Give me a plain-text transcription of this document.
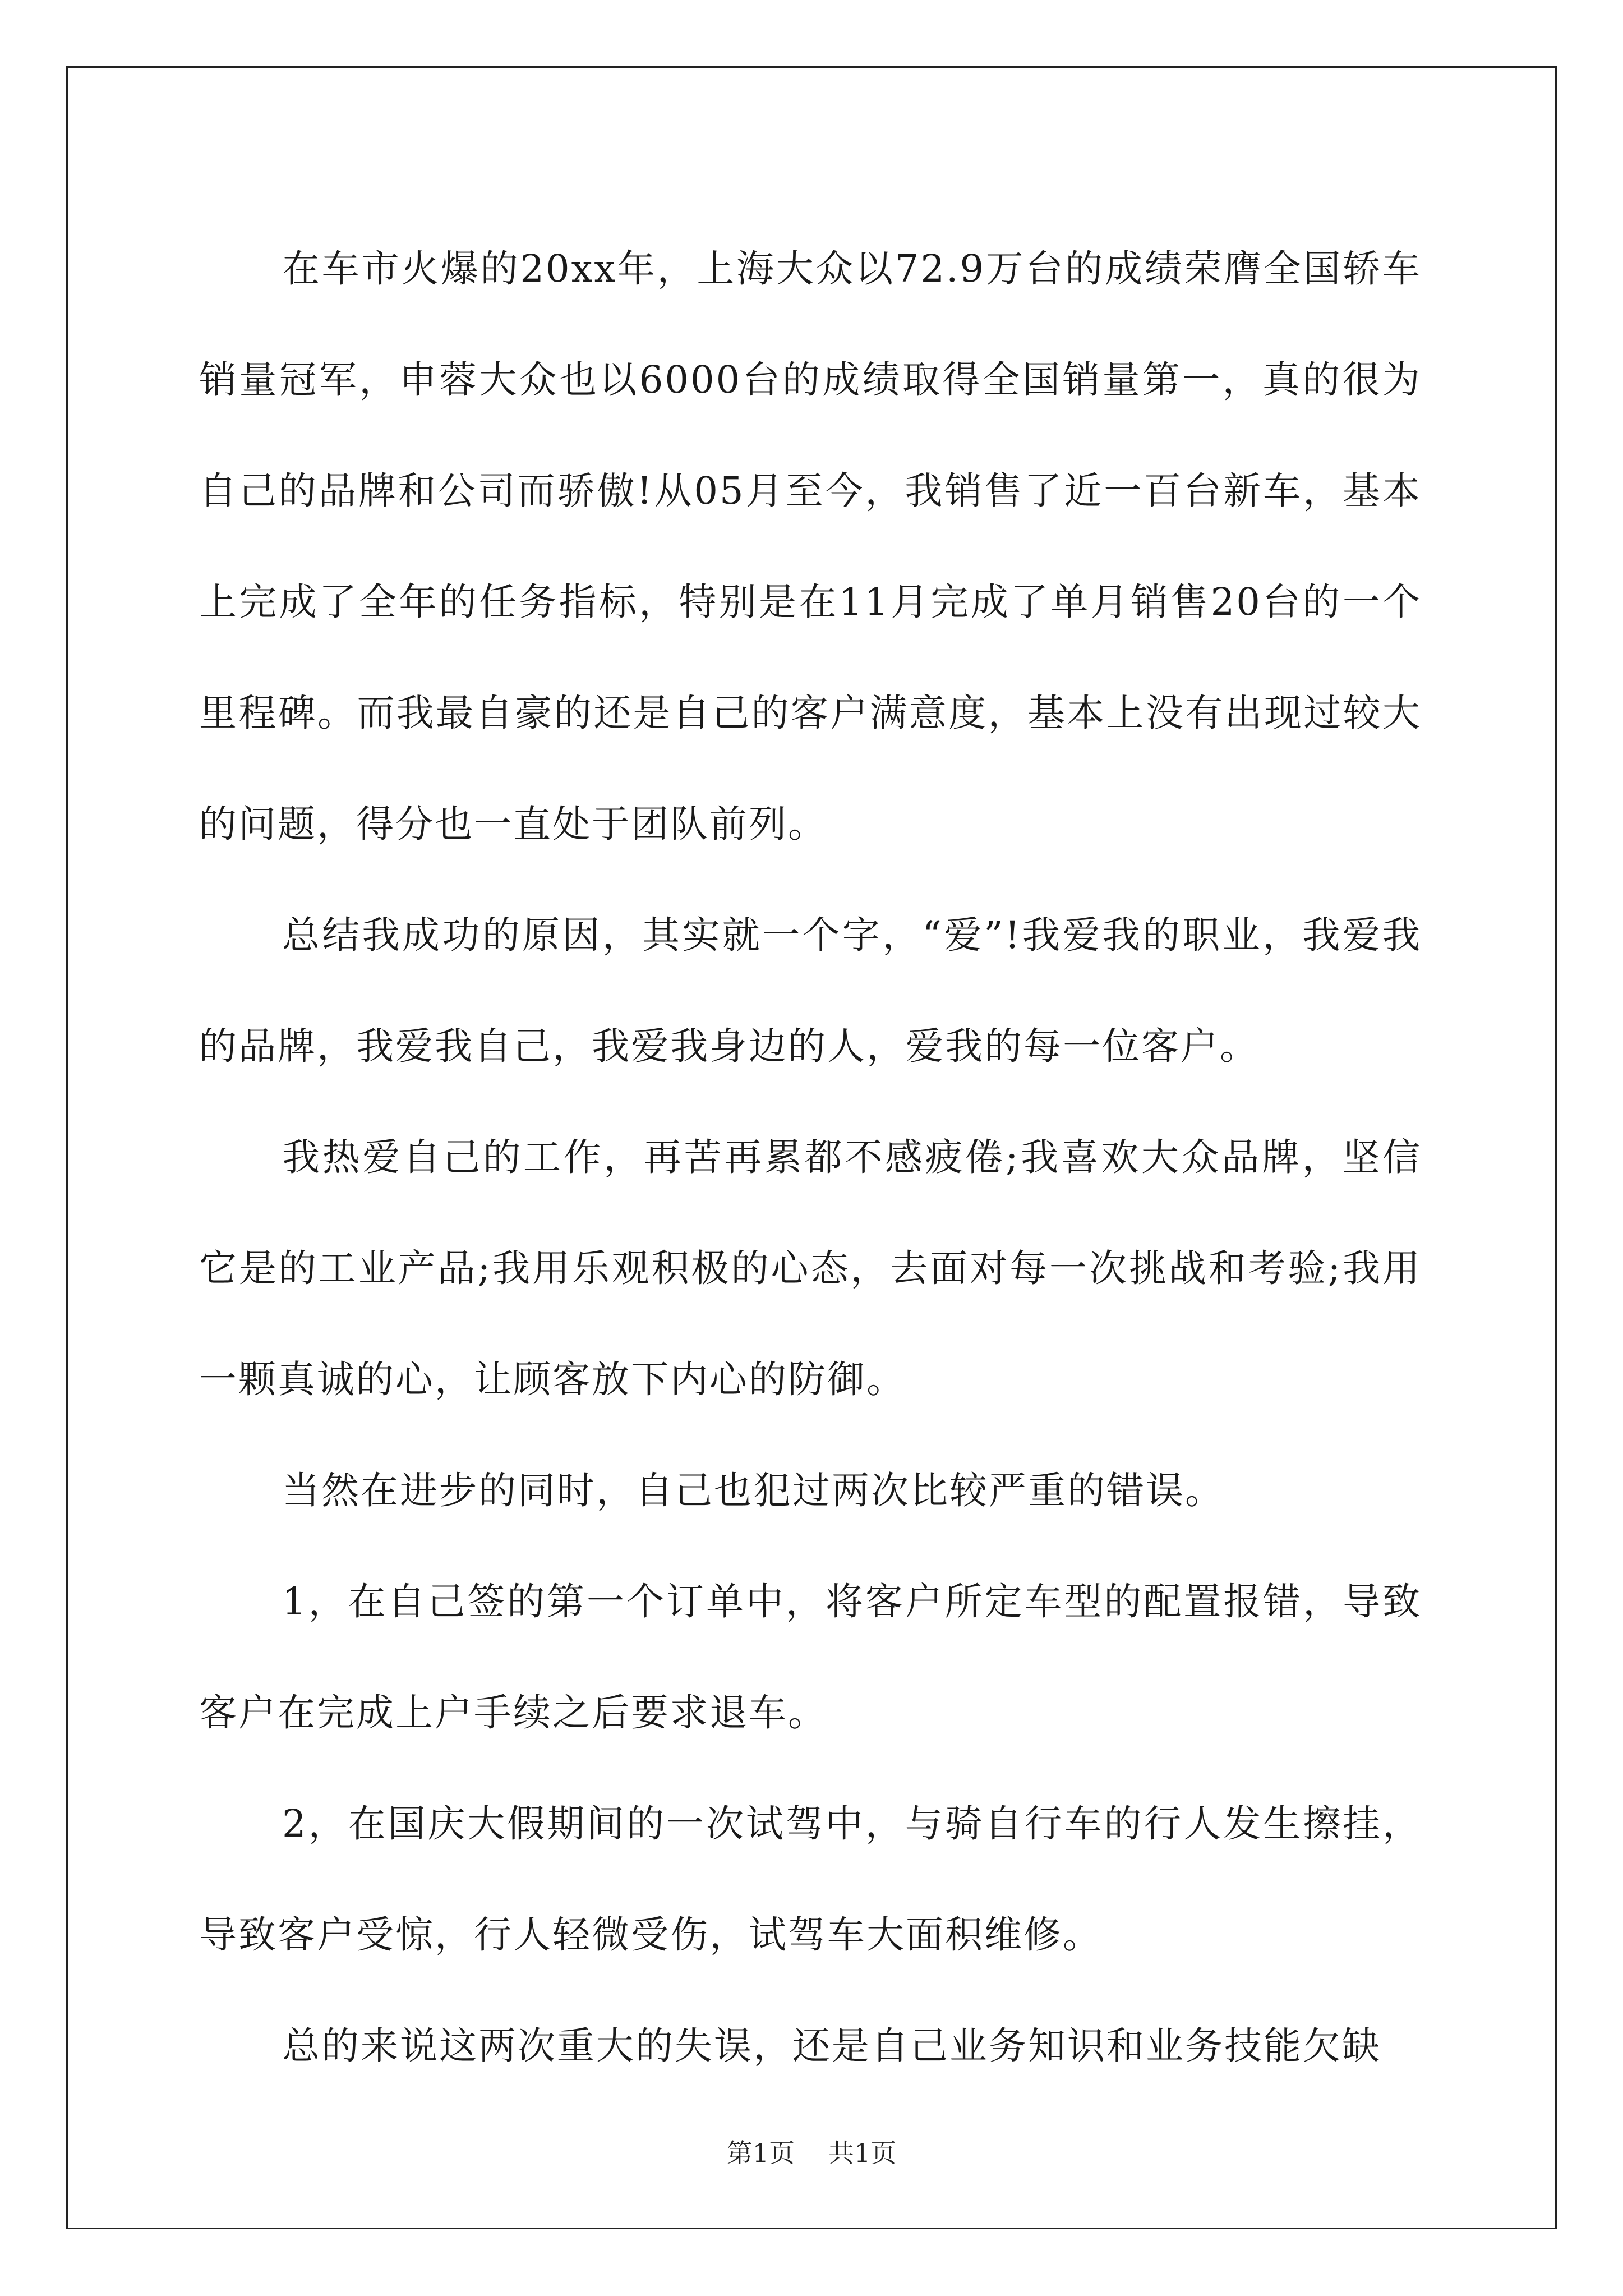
在车市火爆的20xx年，上海大众以72.9万台的成绩荣膺全国轿车销量冠军，申蓉大众也以6000台的成绩取得全国销量第一，真的很为自己的品牌和公司而骄傲!从05月至今，我销售了近一百台新车，基本上完成了全年的任务指标，特别是在11月完成了单月销售20台的一个里程碑。而我最自豪的还是自己的客户满意度，基本上没有出现过较大的问题，得分也一直处于团队前列。

总结我成功的原因，其实就一个字，“爱”!我爱我的职业，我爱我的品牌，我爱我自己，我爱我身边的人，爱我的每一位客户。

我热爱自己的工作，再苦再累都不感疲倦;我喜欢大众品牌，坚信它是的工业产品;我用乐观积极的心态，去面对每一次挑战和考验;我用一颗真诚的心，让顾客放下内心的防御。

当然在进步的同时，自己也犯过两次比较严重的错误。

1，在自己签的第一个订单中，将客户所定车型的配置报错，导致客户在完成上户手续之后要求退车。

2，在国庆大假期间的一次试驾中，与骑自行车的行人发生擦挂，导致客户受惊，行人轻微受伤，试驾车大面积维修。

总的来说这两次重大的失误，还是自己业务知识和业务技能欠缺

第1页 共1页
